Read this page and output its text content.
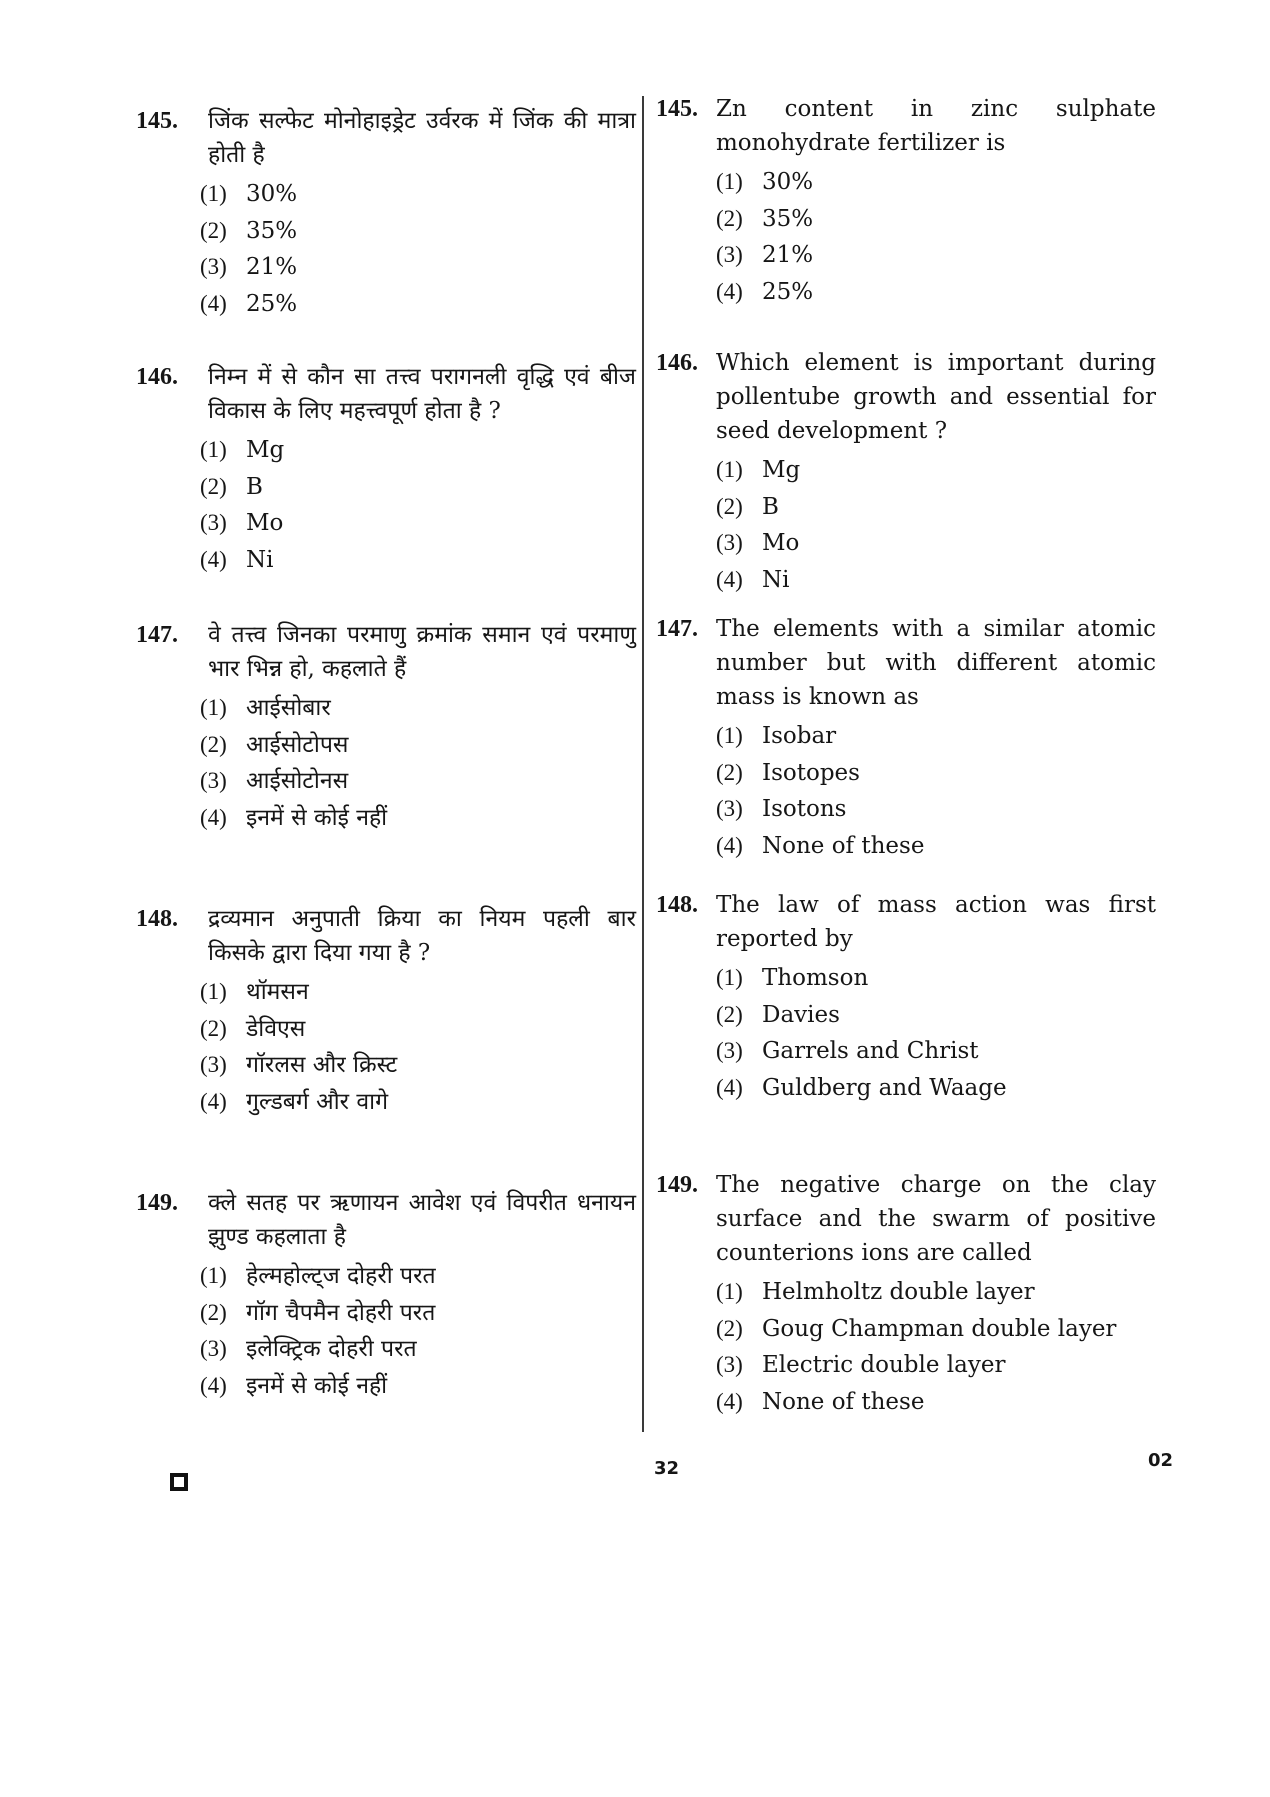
145. जिंक सल्फेट मोनोहाइड्रेट उर्वरक में जिंक की मात्रा होती है
(1) 30%
(2) 35%
(3) 21%
(4) 25%
146. निम्न में से कौन सा तत्त्व परागनली वृद्धि एवं बीज विकास के लिए महत्त्वपूर्ण होता है ?
(1) Mg
(2) B
(3) Mo
(4) Ni
147. वे तत्त्व जिनका परमाणु क्रमांक समान एवं परमाणु भार भिन्न हो, कहलाते हैं
(1) आईसोबार
(2) आईसोटोपस
(3) आईसोटोनस
(4) इनमें से कोई नहीं
148. द्रव्यमान अनुपाती क्रिया का नियम पहली बार किसके द्वारा दिया गया है ?
(1) थॉमसन
(2) डेविएस
(3) गॉरलस और क्रिस्ट
(4) गुल्डबर्ग और वागे
149. क्ले सतह पर ऋणायन आवेश एवं विपरीत धनायन झुण्ड कहलाता है
(1) हेल्महोल्ट्ज दोहरी परत
(2) गॉग चैपमैन दोहरी परत
(3) इलेक्ट्रिक दोहरी परत
(4) इनमें से कोई नहीं
145. Zn content in zinc sulphate monohydrate fertilizer is
(1) 30%
(2) 35%
(3) 21%
(4) 25%
146. Which element is important during pollentube growth and essential for seed development ?
(1) Mg
(2) B
(3) Mo
(4) Ni
147. The elements with a similar atomic number but with different atomic mass is known as
(1) Isobar
(2) Isotopes
(3) Isotons
(4) None of these
148. The law of mass action was first reported by
(1) Thomson
(2) Davies
(3) Garrels and Christ
(4) Guldberg and Waage
149. The negative charge on the clay surface and the swarm of positive counterions ions are called
(1) Helmholtz double layer
(2) Goug Champman double layer
(3) Electric double layer
(4) None of these
32	02
